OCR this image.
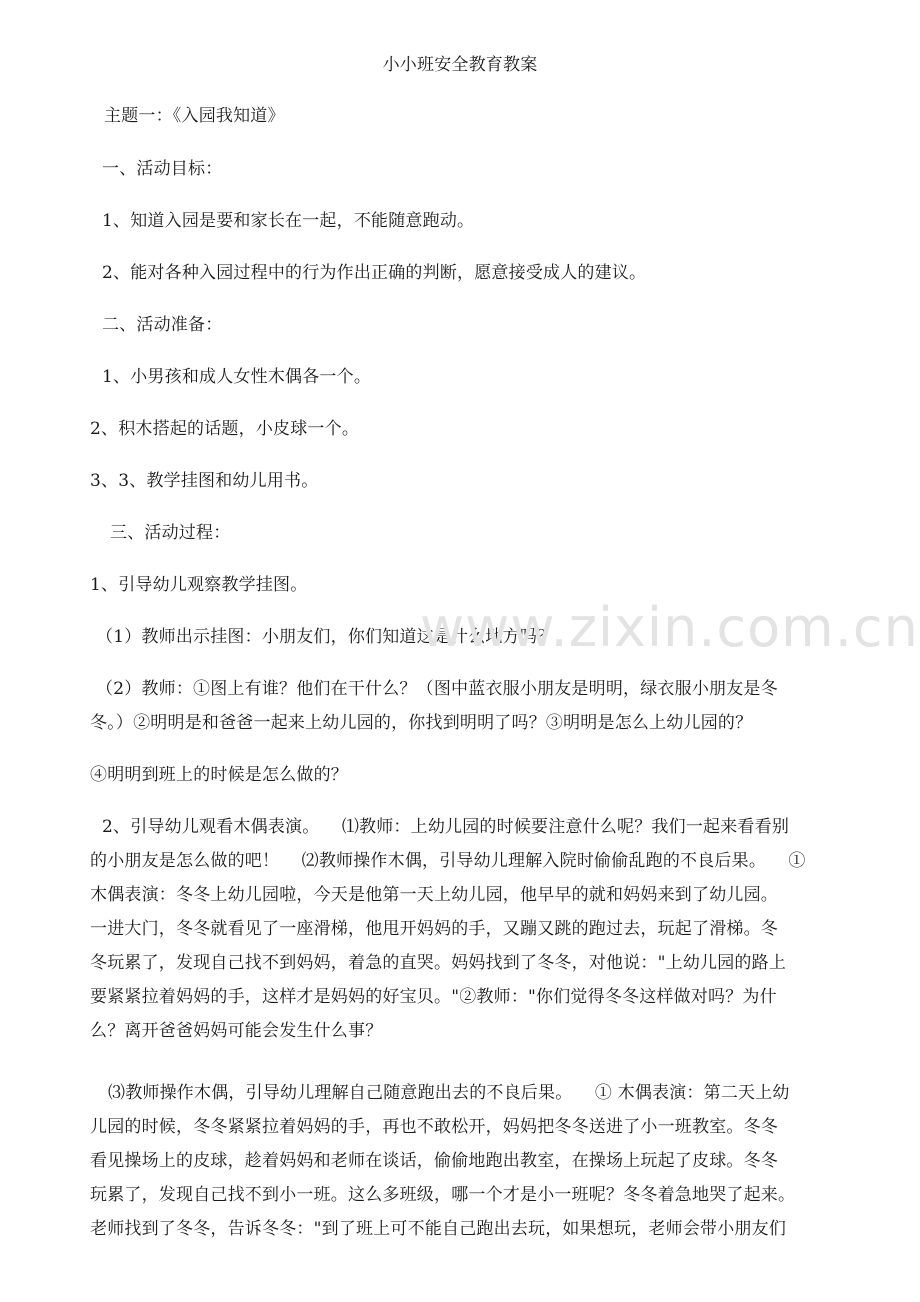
小小班安全教育教案
主题一：《入园我知道》
一、活动目标：
1、知道入园是要和家长在一起，不能随意跑动。
2、能对各种入园过程中的行为作出正确的判断，愿意接受成人的建议。
二、活动准备：
1、小男孩和成人女性木偶各一个。
2、积木搭起的话题，小皮球一个。
3、3、教学挂图和幼儿用书。
三、活动过程：
1、引导幼儿观察教学挂图。
（1）教师出示挂图：小朋友们，你们知道这是什么地方吗？
（2）教师：①图上有谁？他们在干什么？（图中蓝衣服小朋友是明明，绿衣服小朋友是冬
冬。）②明明是和爸爸一起来上幼儿园的，你找到明明了吗？③明明是怎么上幼儿园的？
④明明到班上的时候是怎么做的？
2、引导幼儿观看木偶表演。    ⑴教师：上幼儿园的时候要注意什么呢？我们一起来看看别
的小朋友是怎么做的吧！    ⑵教师操作木偶，引导幼儿理解入院时偷偷乱跑的不良后果。    ①
木偶表演：冬冬上幼儿园啦，今天是他第一天上幼儿园，他早早的就和妈妈来到了幼儿园。
一进大门，冬冬就看见了一座滑梯，他甩开妈妈的手，又蹦又跳的跑过去，玩起了滑梯。冬
冬玩累了，发现自己找不到妈妈，着急的直哭。妈妈找到了冬冬，对他说："上幼儿园的路上
要紧紧拉着妈妈的手，这样才是妈妈的好宝贝。"②教师："你们觉得冬冬这样做对吗？为什
么？离开爸爸妈妈可能会发生什么事？
⑶教师操作木偶，引导幼儿理解自己随意跑出去的不良后果。    ① 木偶表演：第二天上幼
儿园的时候，冬冬紧紧拉着妈妈的手，再也不敢松开，妈妈把冬冬送进了小一班教室。冬冬
看见操场上的皮球，趁着妈妈和老师在谈话，偷偷地跑出教室，在操场上玩起了皮球。冬冬
玩累了，发现自己找不到小一班。这么多班级，哪一个才是小一班呢？冬冬着急地哭了起来。
老师找到了冬冬，告诉冬冬："到了班上可不能自己跑出去玩，如果想玩，老师会带小朋友们
www.zixin.com.cn
